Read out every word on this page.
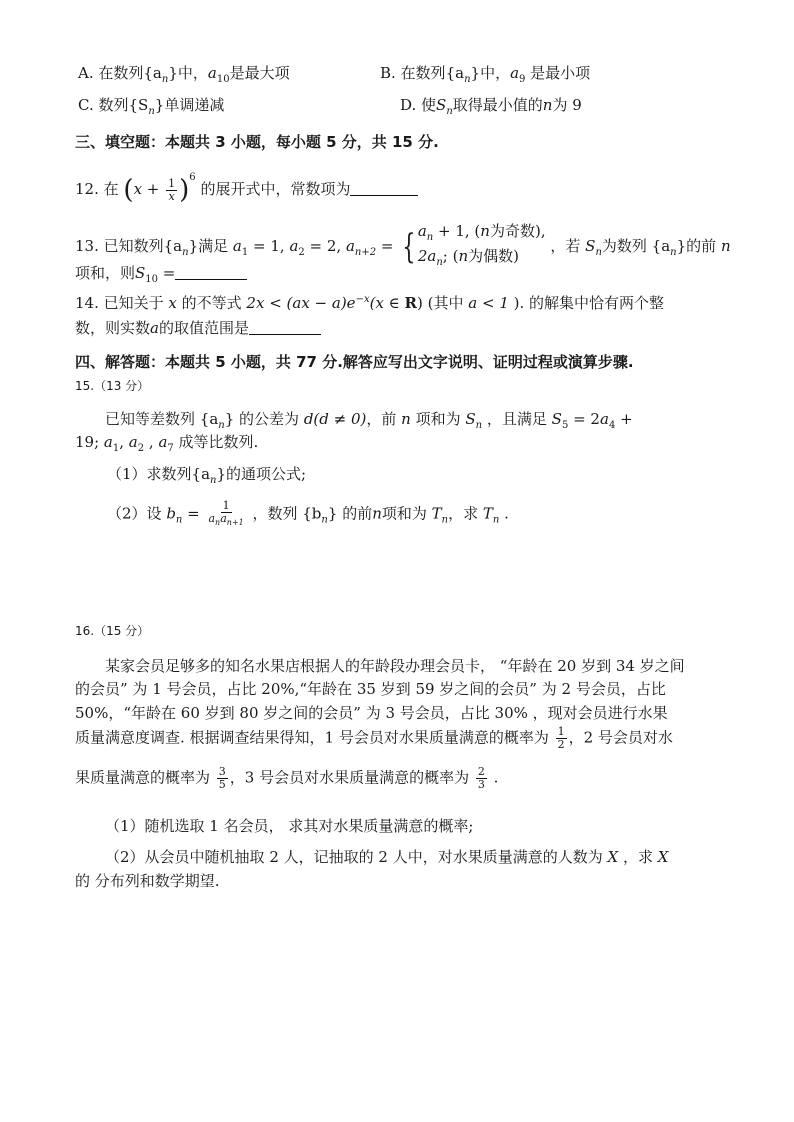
A. 在数列$\{a_n\}$中，$a_{10}$是最大项	B. 在数列$\{a_n\}$中，$a_9$ 是最小项
C. 数列$\{S_n\}$单调递减	D. 使$S_n$取得最小值的n为 9
三、填空题：本题共 3 小题，每小题 5 分，共 15 分.
12. 在 $(x + \frac{1}{x} )^6$ 的展开式中，常数项为
13. 已知数列$\{a_n\}$满足 $a_1 = 1$, $a_2 = 2$, $a_{n+2}$ = { $a_n + 1$, (n为奇数),
$2a_n$; (n为偶数)
，若 $S_n$为数列 $\{a_n\}$的前 n
项和，则$S_{10}$ =
14. 已知关于 x 的不等式 $2x < (ax - a)e^{-x}(x$ ∈ R) (其中 a < 1 ). 的解集中恰有两个整
数，则实数a的取值范围是
四、解答题：本题共 5 小题，共 77 分.解答应写出文字说明、证明过程或演算步骤.
15.（13 分）
已知等差数列 $\{a_n\}$ 的公差为 d(d ≠ 0)，前 n 项和为 $S_n$ ，且满足 $S_5 = 2a_4$ +
19; $a_1$, $a_2$ , $a_7$ 成等比数列.
（1）求数列$\{a_n\}$的通项公式;
（2）设 $b_n = \frac{1}{a_na_{n+1}}$ ，数列 $\{b_n\}$ 的前n项和为 $T_n$，求 $T_n$ .
16.（15 分）
某家会员足够多的知名水果店根据人的年龄段办理会员卡， “年龄在 20 岁到 34 岁之间
的会员” 为 1 号会员，占比 20%,“年龄在 35 岁到 59 岁之间的会员” 为 2 号会员，占比
50%，“年龄在 60 岁到 80 岁之间的会员” 为 3 号会员，占比 30% ，现对会员进行水果
质量满意度调查. 根据调查结果得知，1 号会员对水果质量满意的概率为 $\frac{1}{2}$ ，2 号会员对水
果质量满意的概率为 $\frac{3}{5}$ ，3 号会员对水果质量满意的概率为 $\frac{2}{3}$ .
（1）随机选取 1 名会员， 求其对水果质量满意的概率;
（2）从会员中随机抽取 2 人，记抽取的 2 人中，对水果质量满意的人数为 X ，求 X
的 分布列和数学期望.
